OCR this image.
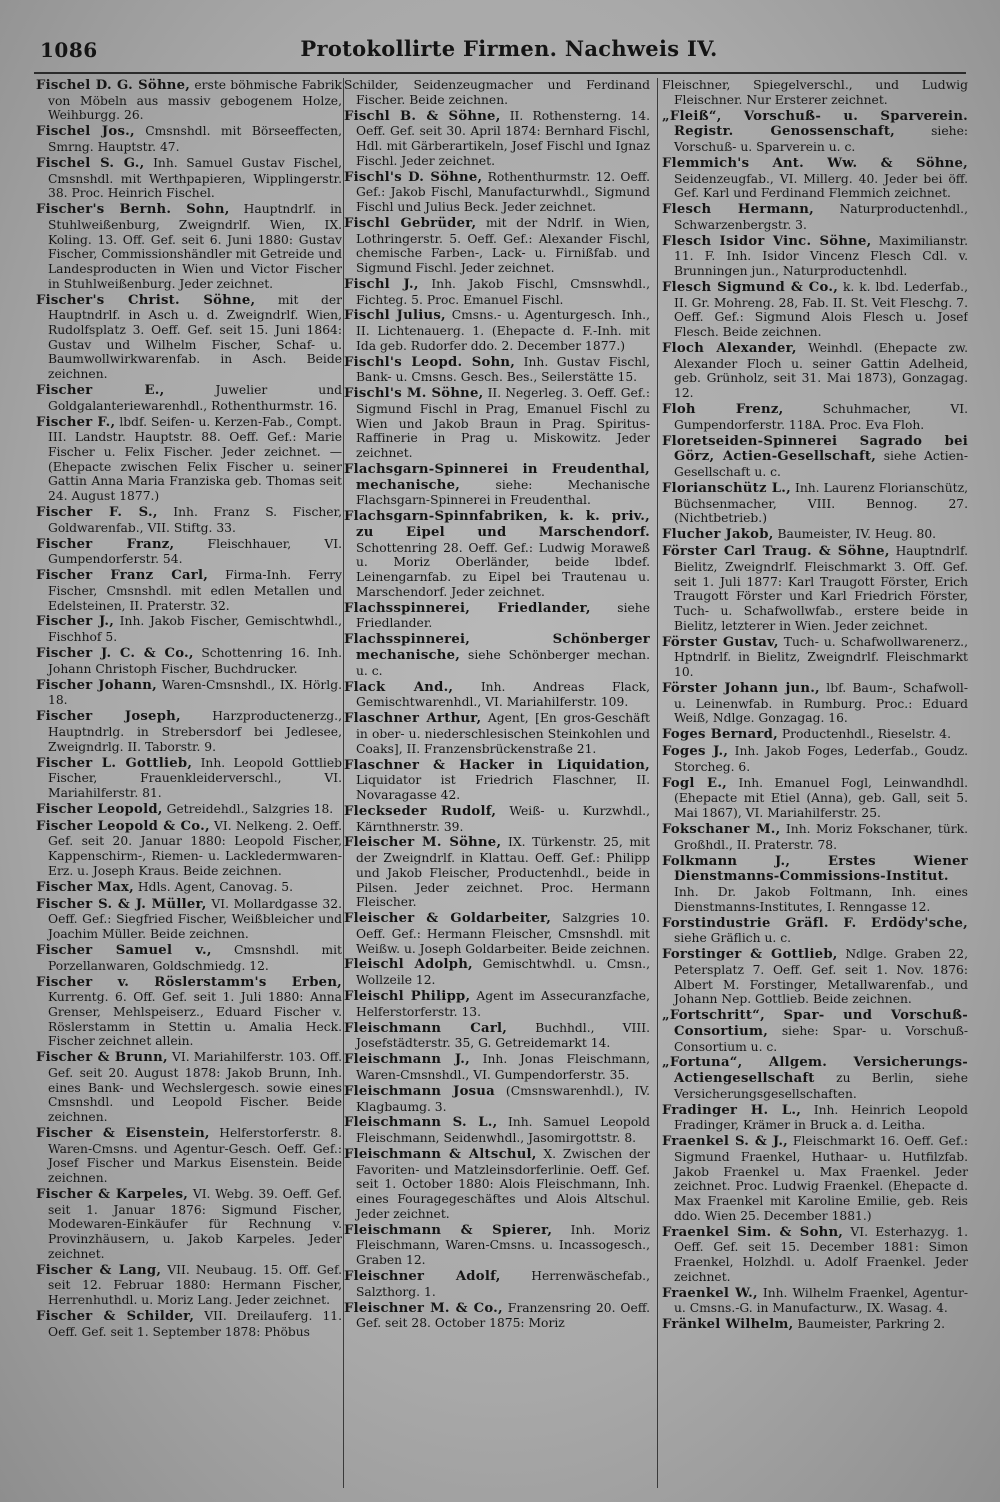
1086	Protokollirte Firmen. Nachweis IV.

Fischel D. G. Söhne, erste böhmische Fabrik von Möbeln aus massiv gebogenem Holze, Weihburgg. 26.

Fischel Jos., Cmsnshdl. mit Börseeffecten, Smrng. Hauptstr. 47.

Fischel S. G., Inh. Samuel Gustav Fischel, Cmsnshdl. mit Werthpapieren, Wipplingerstr. 38. Proc. Heinrich Fischel.

Fischer's Bernh. Sohn, Hauptndrlf. in Stuhlweißenburg, Zweigndrlf. Wien, IX. Koling. 13. Off. Gef. seit 6. Juni 1880: Gustav Fischer, Commissionshändler mit Getreide und Landesproducten in Wien und Victor Fischer in Stuhlweißenburg. Jeder zeichnet.

Fischer's Christ. Söhne, mit der Hauptndrlf. in Asch u. d. Zweigndrlf. Wien, Rudolfsplatz 3. Oeff. Gef. seit 15. Juni 1864: Gustav und Wilhelm Fischer, Schaf- u. Baumwollwirkwarenfab. in Asch. Beide zeichnen.

Fischer E.,	Juwelier und Goldgalanteriewarenhdl., Rothenthurmstr. 16.

Fischer F., lbdf. Seifen- u. Kerzen-Fab., Compt. III. Landstr. Hauptstr. 88. Oeff. Gef.: Marie Fischer u. Felix Fischer. Jeder zeichnet. — (Ehepacte zwischen Felix Fischer u. seiner Gattin Anna Maria Franziska geb. Thomas seit 24. August 1877.)

Fischer F. S., Inh. Franz S. Fischer, Goldwarenfab., VII. Stiftg. 33.

Fischer Franz,	Fleischhauer, VI. Gumpendorferstr. 54.

Fischer Franz Carl, Firma-Inh. Ferry Fischer, Cmsnshdl. mit edlen Metallen und Edelsteinen, II. Praterstr. 32.

Fischer J., Inh. Jakob Fischer, Gemischtwhdl., Fischhof 5.

Fischer J. C. & Co., Schottenring 16. Inh. Johann Christoph Fischer, Buchdrucker.

Fischer Johann, Waren-Cmsnshdl., IX. Hörlg. 18.

Fischer Joseph,	Harzproductenerzg., Hauptndrlg. in Strebersdorf bei Jedlesee, Zweigndrlg. II. Taborstr. 9.

Fischer L. Gottlieb, Inh. Leopold Gottlieb Fischer, Frauenkleiderverschl., VI. Mariahilferstr. 81.

Fischer Leopold, Getreidehdl., Salzgries 18.

Fischer Leopold & Co., VI. Nelkeng. 2. Oeff. Gef. seit 20. Januar 1880: Leopold Fischer, Kappenschirm-, Riemen- u. Lackledermwaren-Erz. u. Joseph Kraus. Beide zeichnen.

Fischer Max, Hdls. Agent, Canovag. 5.

Fischer S. & J. Müller, VI. Mollardgasse 32. Oeff. Gef.: Siegfried Fischer, Weißbleicher und Joachim Müller. Beide zeichnen.

Fischer Samuel v., Cmsnshdl. mit Porzellanwaren, Goldschmiedg. 12.

Fischer v. Röslerstamm's Erben, Kurrentg. 6. Off. Gef. seit 1. Juli 1880: Anna Grenser, Mehlspeiserz., Eduard Fischer v. Röslerstamm in Stettin u. Amalia Heck. Fischer zeichnet allein.

Fischer & Brunn, VI. Mariahilferstr. 103. Off. Gef. seit 20. August 1878: Jakob Brunn, Inh. eines Bank- und Wechslergesch. sowie eines Cmsnshdl. und Leopold Fischer. Beide zeichnen.

Fischer & Eisenstein, Helferstorferstr. 8. Waren-Cmsns. und Agentur-Gesch. Oeff. Gef.: Josef Fischer und Markus Eisenstein. Beide zeichnen.

Fischer & Karpeles, VI. Webg. 39. Oeff. Gef. seit 1. Januar 1876: Sigmund Fischer, Modewaren-Einkäufer für Rechnung v. Provinzhäusern, u. Jakob Karpeles. Jeder zeichnet.

Fischer & Lang, VII. Neubaug. 15. Off. Gef. seit 12. Februar 1880: Hermann Fischer, Herrenhuthdl. u. Moriz Lang. Jeder zeichnet.

Fischer & Schilder, VII. Dreilauferg. 11. Oeff. Gef. seit 1. September 1878: Phöbus

Schilder, Seidenzeugmacher und Ferdinand Fischer. Beide zeichnen.

Fischl B. & Söhne, II. Rothensterng. 14. Oeff. Gef. seit 30. April 1874: Bernhard Fischl, Hdl. mit Gärberartikeln, Josef Fischl und Ignaz Fischl. Jeder zeichnet.

Fischl's D. Söhne, Rothenthurmstr. 12. Oeff. Gef.: Jakob Fischl, Manufacturwhdl., Sigmund Fischl und Julius Beck. Jeder zeichnet.

Fischl Gebrüder, mit der Ndrlf. in Wien, Lothringerstr. 5. Oeff. Gef.: Alexander Fischl, chemische Farben-, Lack- u. Firnißfab. und Sigmund Fischl. Jeder zeichnet.

Fischl J., Inh. Jakob Fischl, Cmsnswhdl., Fichteg. 5. Proc. Emanuel Fischl.

Fischl Julius, Cmsns.- u. Agenturgesch. Inh., II. Lichtenauerg. 1. (Ehepacte d. F.-Inh. mit Ida geb. Rudorfer ddo. 2. December 1877.)

Fischl's Leopd. Sohn, Inh. Gustav Fischl, Bank- u. Cmsns. Gesch. Bes., Seilerstätte 15.

Fischl's M. Söhne, II. Negerleg. 3. Oeff. Gef.: Sigmund Fischl in Prag, Emanuel Fischl zu Wien und Jakob Braun in Prag. Spiritus-Raffinerie in Prag u. Miskowitz. Jeder zeichnet.

Flachsgarn-Spinnerei in Freudenthal, mechanische,	siehe: Mechanische Flachsgarn-Spinnerei in Freudenthal.

Flachsgarn-Spinnfabriken, k. k. priv., zu Eipel und Marschendorf. Schottenring 28. Oeff. Gef.: Ludwig Moraweß u. Moriz Oberländer, beide lbdef. Leinengarnfab. zu Eipel bei Trautenau u. Marschendorf. Jeder zeichnet.

Flachsspinnerei, Friedlander, siehe Friedlander.

Flachsspinnerei, Schönberger mechanische, siehe Schönberger mechan. u. c.

Flack And., Inh. Andreas Flack, Gemischtwarenhdl., VI. Mariahilferstr. 109.

Flaschner Arthur, Agent, [En gros-Geschäft in ober- u. niederschlesischen Steinkohlen und Coaks], II. Franzensbrückenstraße 21.

Flaschner & Hacker in Liquidation, Liquidator ist Friedrich Flaschner, II. Novaragasse 42.

Fleckseder Rudolf, Weiß- u. Kurzwhdl., Kärnthnerstr. 39.

Fleischer M. Söhne, IX. Türkenstr. 25, mit der Zweigndrlf. in Klattau. Oeff. Gef.: Philipp und Jakob Fleischer, Productenhdl., beide in Pilsen. Jeder zeichnet. Proc. Hermann Fleischer.

Fleischer & Goldarbeiter, Salzgries 10. Oeff. Gef.: Hermann Fleischer, Cmsnshdl. mit Weißw. u. Joseph Goldarbeiter. Beide zeichnen.

Fleischl Adolph, Gemischtwhdl. u. Cmsn., Wollzeile 12.

Fleischl Philipp, Agent im Assecuranzfache, Helferstorferstr. 13.

Fleischmann Carl, Buchhdl., VIII. Josefstädterstr. 35, G. Getreidemarkt 14.

Fleischmann J., Inh. Jonas Fleischmann, Waren-Cmsnshdl., VI. Gumpendorferstr. 35.

Fleischmann Josua (Cmsnswarenhdl.), IV. Klagbaumg. 3.

Fleischmann S. L., Inh. Samuel Leopold Fleischmann, Seidenwhdl., Jasomirgottstr. 8.

Fleischmann & Altschul, X. Zwischen der Favoriten- und Matzleinsdorferlinie. Oeff. Gef. seit 1. October 1880: Alois Fleischmann, Inh. eines Fouragegeschäftes und Alois Altschul. Jeder zeichnet.

Fleischmann & Spierer, Inh. Moriz Fleischmann, Waren-Cmsns. u. Incassogesch., Graben 12.

Fleischner Adolf, Herrenwäschefab., Salzthorg. 1.

Fleischner M. & Co., Franzensring 20. Oeff. Gef. seit 28. October 1875: Moriz

Fleischner, Spiegelverschl., und Ludwig Fleischner. Nur Ersterer zeichnet.

„Fleiß“, Vorschuß- u. Sparverein. Registr. Genossenschaft,	siehe: Vorschuß- u. Sparverein u. c.

Flemmich's Ant. Ww. & Söhne, Seidenzeugfab., VI. Millerg. 40. Jeder bei öff. Gef. Karl und Ferdinand Flemmich zeichnet.

Flesch Hermann, Naturproductenhdl., Schwarzenbergstr. 3.

Flesch Isidor Vinc. Söhne, Maximilianstr. 11. F. Inh. Isidor Vincenz Flesch Cdl. v. Brunningen jun., Naturproductenhdl.

Flesch Sigmund & Co., k. k. lbd. Lederfab., II. Gr. Mohreng. 28, Fab. II. St. Veit Fleschg. 7. Oeff. Gef.: Sigmund Alois Flesch u. Josef Flesch. Beide zeichnen.

Floch Alexander, Weinhdl. (Ehepacte zw. Alexander Floch u. seiner Gattin Adelheid, geb. Grünholz, seit 31. Mai 1873), Gonzagag. 12.

Floh Frenz,	Schuhmacher, VI. Gumpendorferstr. 118A. Proc. Eva Floh.

Floretseiden-Spinnerei Sagrado bei Görz, Actien-Gesellschaft, siehe Actien-Gesellschaft u. c.

Florianschütz L., Inh. Laurenz Florianschütz, Büchsenmacher, VIII. Bennog. 27. (Nichtbetrieb.)

Flucher Jakob, Baumeister, IV. Heug. 80.

Förster Carl Traug. & Söhne, Hauptndrlf. Bielitz, Zweigndrlf. Fleischmarkt 3. Off. Gef. seit 1. Juli 1877: Karl Traugott Förster, Erich Traugott Förster und Karl Friedrich Förster, Tuch- u. Schafwollwfab., erstere beide in Bielitz, letzterer in Wien. Jeder zeichnet.

Förster Gustav, Tuch- u. Schafwollwarenerz., Hptndrlf. in Bielitz, Zweigndrlf. Fleischmarkt 10.

Förster Johann jun., lbf. Baum-, Schafwoll- u. Leinenwfab. in Rumburg. Proc.: Eduard Weiß, Ndlge. Gonzagag. 16.

Foges Bernard, Productenhdl., Rieselstr. 4.

Foges J., Inh. Jakob Foges, Lederfab., Goudz. Storcheg. 6.

Fogl E., Inh. Emanuel Fogl, Leinwandhdl. (Ehepacte mit Etiel (Anna), geb. Gall, seit 5. Mai 1867), VI. Mariahilferstr. 25.

Fokschaner M., Inh. Moriz Fokschaner, türk. Großhdl., II. Praterstr. 78.

Folkmann J., Erstes Wiener Dienstmanns-Commissions-Institut. Inh. Dr. Jakob Foltmann, Inh. eines Dienstmanns-Institutes, I. Renngasse 12.

Forstindustrie Gräfl. F. Erdödy'sche, siehe Gräflich u. c.

Forstinger & Gottlieb, Ndlge. Graben 22, Petersplatz 7. Oeff. Gef. seit 1. Nov. 1876: Albert M. Forstinger, Metallwarenfab., und Johann Nep. Gottlieb. Beide zeichnen.

„Fortschritt“, Spar- und Vorschuß-Consortium, siehe: Spar- u. Vorschuß-Consortium u. c.

„Fortuna“, Allgem. Versicherungs-Actiengesellschaft zu Berlin, siehe Versicherungsgesellschaften.

Fradinger H. L., Inh. Heinrich Leopold Fradinger, Krämer in Bruck a. d. Leitha.

Fraenkel S. & J., Fleischmarkt 16. Oeff. Gef.: Sigmund Fraenkel, Huthaar- u. Hutfilzfab. Jakob Fraenkel u. Max Fraenkel. Jeder zeichnet. Proc. Ludwig Fraenkel. (Ehepacte d. Max Fraenkel mit Karoline Emilie, geb. Reis ddo. Wien 25. December 1881.)

Fraenkel Sim. & Sohn, VI. Esterhazyg. 1. Oeff. Gef. seit 15. December 1881: Simon Fraenkel, Holzhdl. u. Adolf Fraenkel. Jeder zeichnet.

Fraenkel W., Inh. Wilhelm Fraenkel, Agentur- u. Cmsns.-G. in Manufacturw., IX. Wasag. 4.

Fränkel Wilhelm, Baumeister, Parkring 2.
